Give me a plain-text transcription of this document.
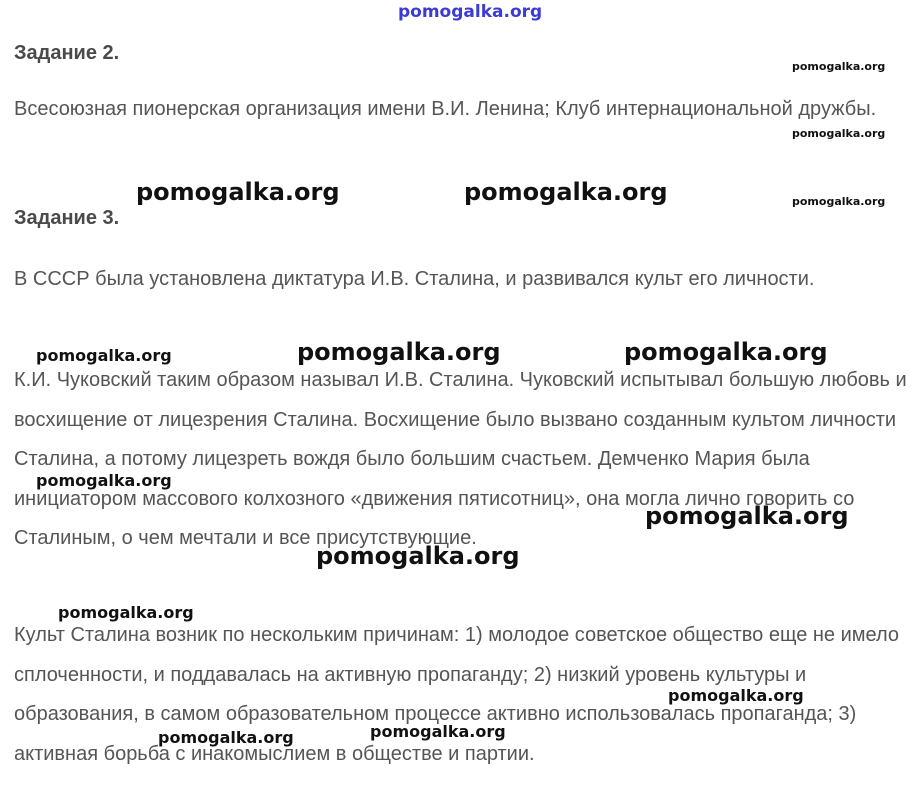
pomogalka.org
Задание 2.

Всесоюзная пионерская организация имени В.И. Ленина; Клуб интернациональной дружбы.

Задание 3.

В СССР была установлена диктатура И.В. Сталина, и развивался культ его личности.

К.И. Чуковский таким образом называл И.В. Сталина. Чуковский испытывал большую любовь и восхищение от лицезрения Сталина. Восхищение было вызвано созданным культом личности Сталина, а потому лицезреть вождя было большим счастьем. Демченко Мария была инициатором массового колхозного «движения пятисотниц», она могла лично говорить со Сталиным, о чем мечтали и все присутствующие.

Культ Сталина возник по нескольким причинам: 1) молодое советское общество еще не имело сплоченности, и поддавалась на активную пропаганду; 2) низкий уровень культуры и образования, в самом образовательном процессе активно использовалась пропаганда; 3) активная борьба с инакомыслием в обществе и партии.

pomogalka.org
pomogalka.org
pomogalka.org	pomogalka.org	pomogalka.org
pomogalka.org	pomogalka.org	pomogalka.org
pomogalka.org
pomogalka.org
pomogalka.org
pomogalka.org
pomogalka.org
pomogalka.org	pomogalka.org
